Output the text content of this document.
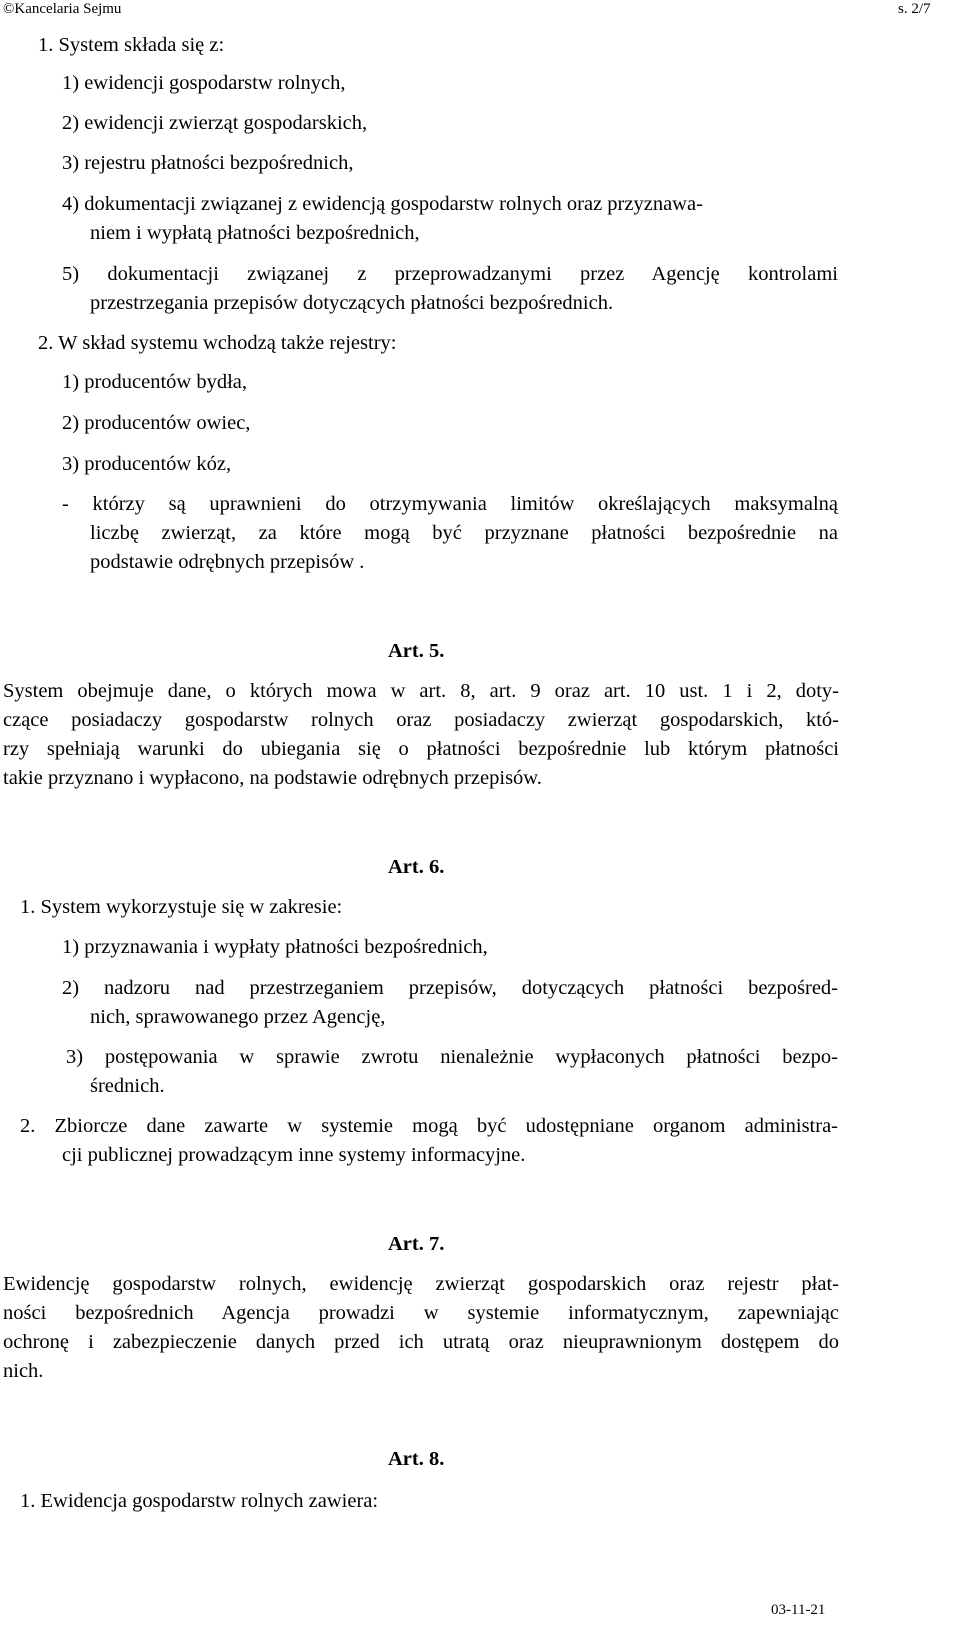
©Kancelaria Sejmu	s. 2/7
1. System składa się z:
1) ewidencji gospodarstw rolnych,
2) ewidencji zwierząt gospodarskich,
3) rejestru płatności bezpośrednich,
4) dokumentacji związanej z ewidencją gospodarstw rolnych oraz przyznawa-
niem i wypłatą płatności bezpośrednich,
5) dokumentacji związanej z przeprowadzanymi przez Agencję kontrolami
przestrzegania przepisów dotyczących płatności bezpośrednich.
2. W skład systemu wchodzą także rejestry:
1) producentów bydła,
2) producentów owiec,
3) producentów kóz,
- którzy są uprawnieni do otrzymywania limitów określających maksymalną
liczbę zwierząt, za które mogą być przyznane płatności bezpośrednie na
podstawie odrębnych przepisów .
Art. 5.
System obejmuje dane, o których mowa w art. 8, art. 9 oraz art. 10 ust. 1 i 2, doty-
czące posiadaczy gospodarstw rolnych oraz posiadaczy zwierząt gospodarskich, któ-
rzy spełniają warunki do ubiegania się o płatności bezpośrednie lub którym płatności
takie przyznano i wypłacono, na podstawie odrębnych przepisów.
Art. 6.
1. System wykorzystuje się w zakresie:
1) przyznawania i wypłaty płatności bezpośrednich,
2) nadzoru nad przestrzeganiem przepisów, dotyczących płatności bezpośred-
nich, sprawowanego przez Agencję,
3) postępowania w sprawie zwrotu nienależnie wypłaconych płatności bezpo-
średnich.
2. Zbiorcze dane zawarte w systemie mogą być udostępniane organom administra-
cji publicznej prowadzącym inne systemy informacyjne.
Art. 7.
Ewidencję gospodarstw rolnych, ewidencję zwierząt gospodarskich oraz rejestr płat-
ności bezpośrednich Agencja prowadzi w systemie informatycznym, zapewniając
ochronę i zabezpieczenie danych przed ich utratą oraz nieuprawnionym dostępem do
nich.
Art. 8.
1. Ewidencja gospodarstw rolnych zawiera:
03-11-21
